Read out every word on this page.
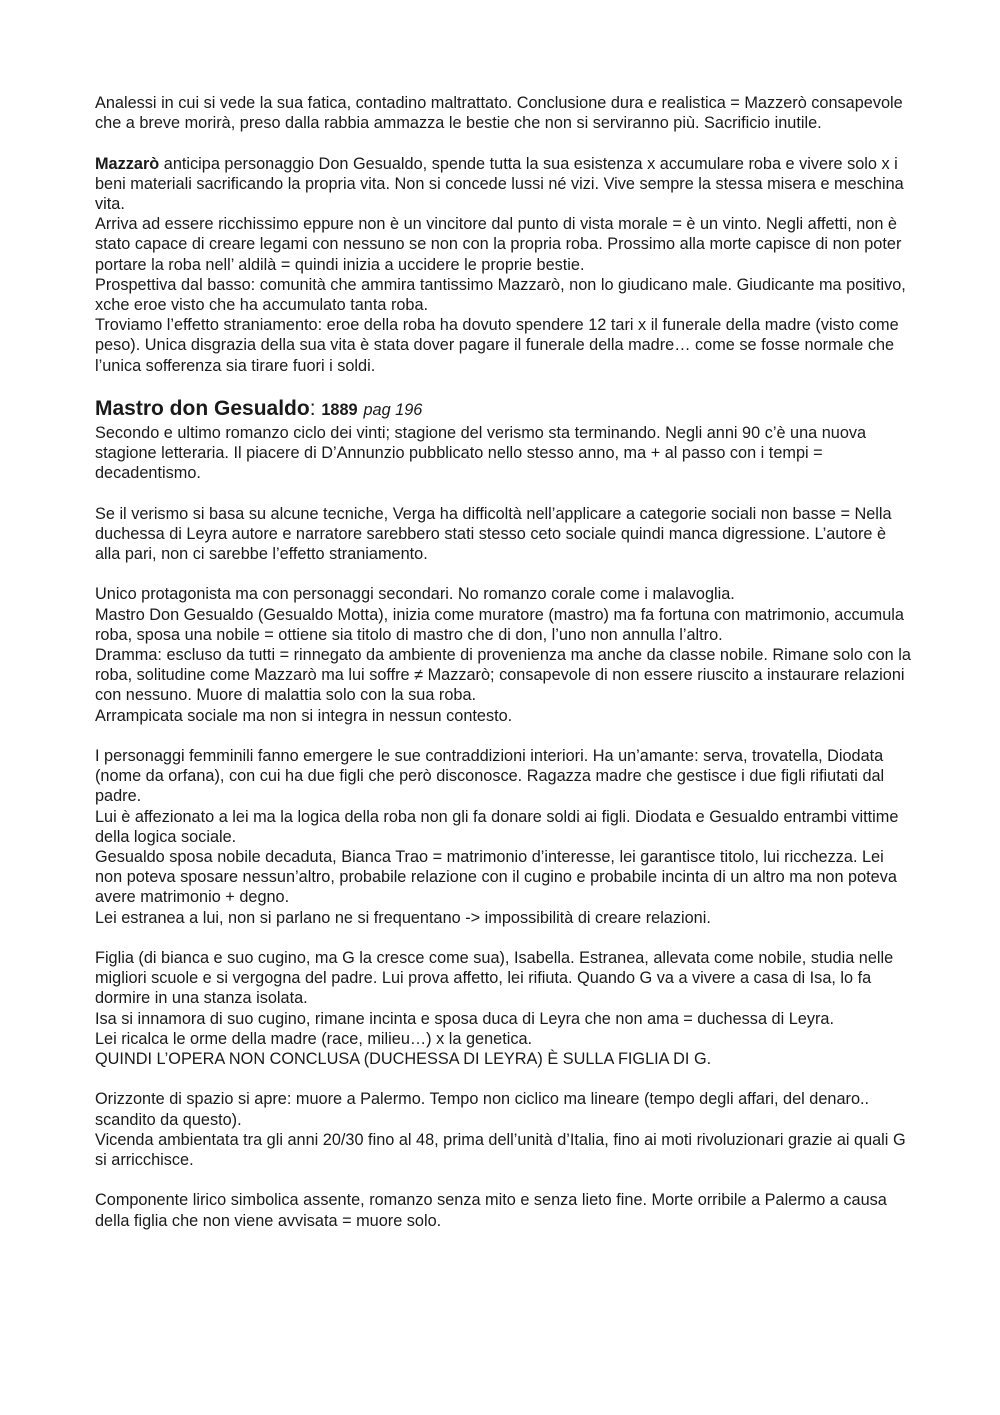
Analessi in cui si vede la sua fatica, contadino maltrattato. Conclusione dura e realistica = Mazzerò consapevole che a breve morirà, preso dalla rabbia ammazza le bestie che non si serviranno più. Sacrificio inutile.

Mazzarò anticipa personaggio Don Gesualdo, spende tutta la sua esistenza x accumulare roba e vivere solo x i beni materiali sacrificando la propria vita. Non si concede lussi né vizi. Vive sempre la stessa misera e meschina vita.

Arriva ad essere ricchissimo eppure non è un vincitore dal punto di vista morale = è un vinto. Negli affetti, non è stato capace di creare legami con nessuno se non con la propria roba. Prossimo alla morte capisce di non poter portare la roba nell’ aldilà = quindi inizia a uccidere le proprie bestie.

Prospettiva dal basso: comunità che ammira tantissimo Mazzarò, non lo giudicano male. Giudicante ma positivo, xche eroe visto che ha accumulato tanta roba.

Troviamo l’effetto straniamento: eroe della roba ha dovuto spendere 12 tari x il funerale della madre (visto come peso). Unica disgrazia della sua vita è stata dover pagare il funerale della madre… come se fosse normale che l’unica sofferenza sia tirare fuori i soldi.

Mastro don Gesualdo: 1889 pag 196

Secondo e ultimo romanzo ciclo dei vinti; stagione del verismo sta terminando. Negli anni 90 c’è una nuova stagione letteraria. Il piacere di D’Annunzio pubblicato nello stesso anno, ma + al passo con i tempi = decadentismo.

Se il verismo si basa su alcune tecniche, Verga ha difficoltà nell’applicare a categorie sociali non basse = Nella duchessa di Leyra autore e narratore sarebbero stati stesso ceto sociale quindi manca digressione. L’autore è alla pari, non ci sarebbe l’effetto straniamento.

Unico protagonista ma con personaggi secondari. No romanzo corale come i malavoglia.

Mastro Don Gesualdo (Gesualdo Motta), inizia come muratore (mastro) ma fa fortuna con matrimonio, accumula roba, sposa una nobile = ottiene sia titolo di mastro che di don, l’uno non annulla l’altro.

Dramma: escluso da tutti = rinnegato da ambiente di provenienza ma anche da classe nobile. Rimane solo con la roba, solitudine come Mazzarò ma lui soffre ≠ Mazzarò; consapevole di non essere riuscito a instaurare relazioni con nessuno. Muore di malattia solo con la sua roba.

Arrampicata sociale ma non si integra in nessun contesto.

I personaggi femminili fanno emergere le sue contraddizioni interiori. Ha un’amante: serva, trovatella, Diodata (nome da orfana), con cui ha due figli che però disconosce. Ragazza madre che gestisce i due figli rifiutati dal padre.

Lui è affezionato a lei ma la logica della roba non gli fa donare soldi ai figli. Diodata e Gesualdo entrambi vittime della logica sociale.

Gesualdo sposa nobile decaduta, Bianca Trao = matrimonio d’interesse, lei garantisce titolo, lui ricchezza. Lei non poteva sposare nessun’altro, probabile relazione con il cugino e probabile incinta di un altro ma non poteva avere matrimonio + degno.

Lei estranea a lui, non si parlano ne si frequentano -> impossibilità di creare relazioni.

Figlia (di bianca e suo cugino, ma G la cresce come sua), Isabella. Estranea, allevata come nobile, studia nelle migliori scuole e si vergogna del padre. Lui prova affetto, lei rifiuta. Quando G va a vivere a casa di Isa, lo fa dormire in una stanza isolata.

Isa si innamora di suo cugino, rimane incinta e sposa duca di Leyra che non ama = duchessa di Leyra.

Lei ricalca le orme della madre (race, milieu…) x la genetica.

QUINDI L’OPERA NON CONCLUSA (DUCHESSA DI LEYRA) È SULLA FIGLIA DI G.

Orizzonte di spazio si apre: muore a Palermo. Tempo non ciclico ma lineare (tempo degli affari, del denaro.. scandito da questo).

Vicenda ambientata tra gli anni 20/30 fino al 48, prima dell’unità d’Italia, fino ai moti rivoluzionari grazie ai quali G si arricchisce.

Componente lirico simbolica assente, romanzo senza mito e senza lieto fine. Morte orribile a Palermo a causa della figlia che non viene avvisata = muore solo.
